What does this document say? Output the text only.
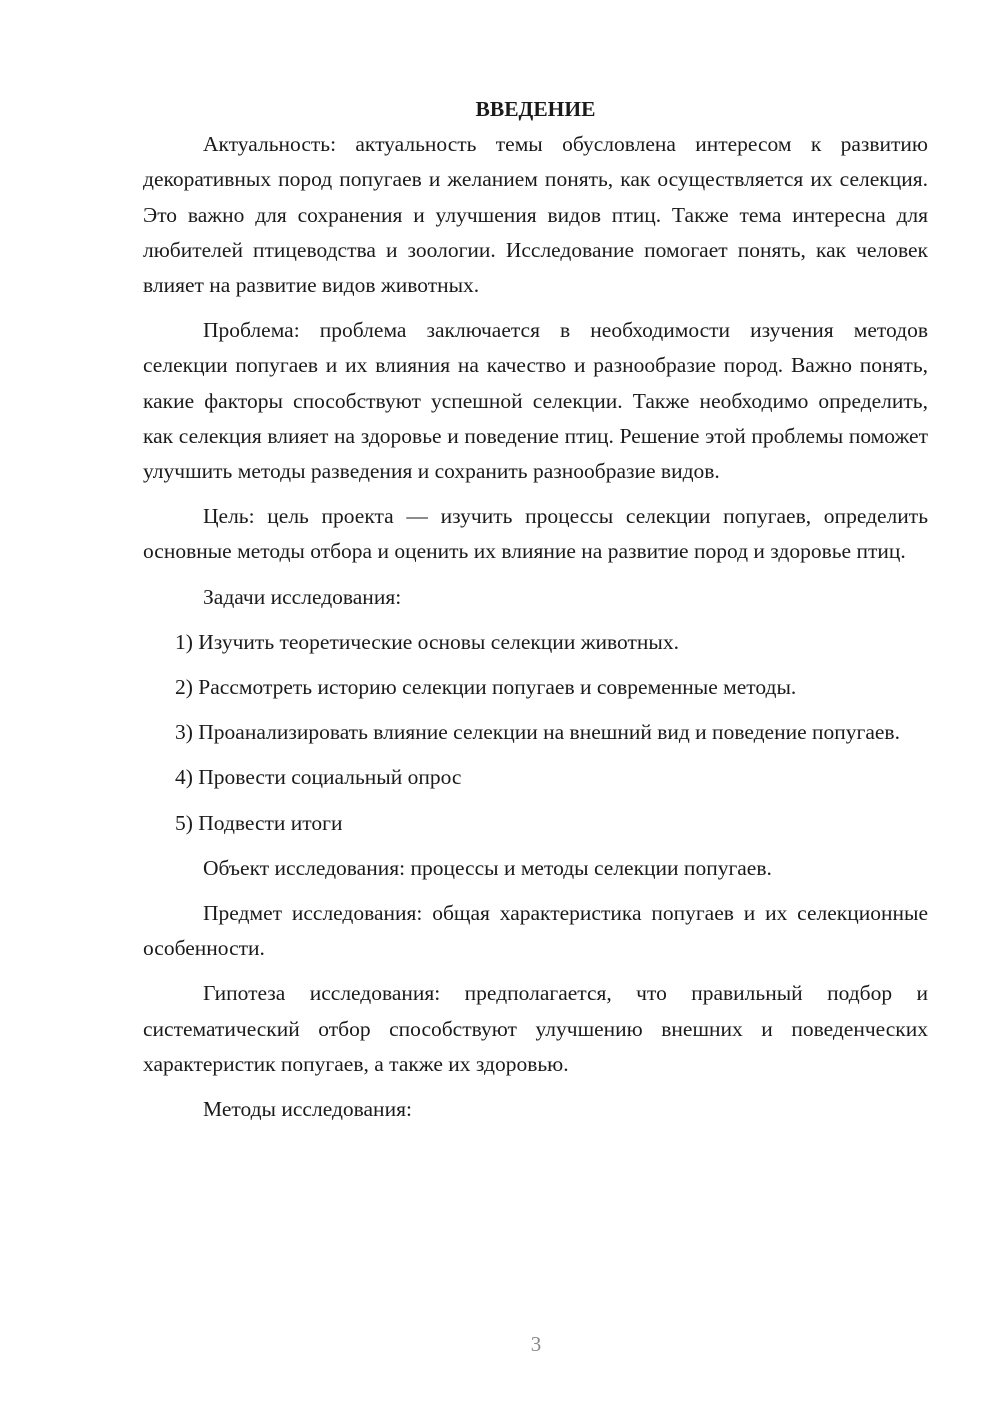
ВВЕДЕНИЕ

Актуальность: актуальность темы обусловлена интересом к развитию декоративных пород попугаев и желанием понять, как осуществляется их селекция. Это важно для сохранения и улучшения видов птиц. Также тема интересна для любителей птицеводства и зоологии. Исследование помогает понять, как человек влияет на развитие видов животных.

Проблема: проблема заключается в необходимости изучения методов селекции попугаев и их влияния на качество и разнообразие пород. Важно понять, какие факторы способствуют успешной селекции. Также необходимо определить, как селекция влияет на здоровье и поведение птиц. Решение этой проблемы поможет улучшить методы разведения и сохранить разнообразие видов.

Цель: цель проекта — изучить процессы селекции попугаев, определить основные методы отбора и оценить их влияние на развитие пород и здоровье птиц.

Задачи исследования:

1) Изучить теоретические основы селекции животных.

2) Рассмотреть историю селекции попугаев и современные методы.

3) Проанализировать влияние селекции на внешний вид и поведение попугаев.

4) Провести социальный опрос

5) Подвести итоги

Объект исследования: процессы и методы селекции попугаев.

Предмет исследования: общая характеристика попугаев и их селекционные особенности.

Гипотеза исследования: предполагается, что правильный подбор и систематический отбор способствуют улучшению внешних и поведенческих характеристик попугаев, а также их здоровью.

Методы исследования:

3
